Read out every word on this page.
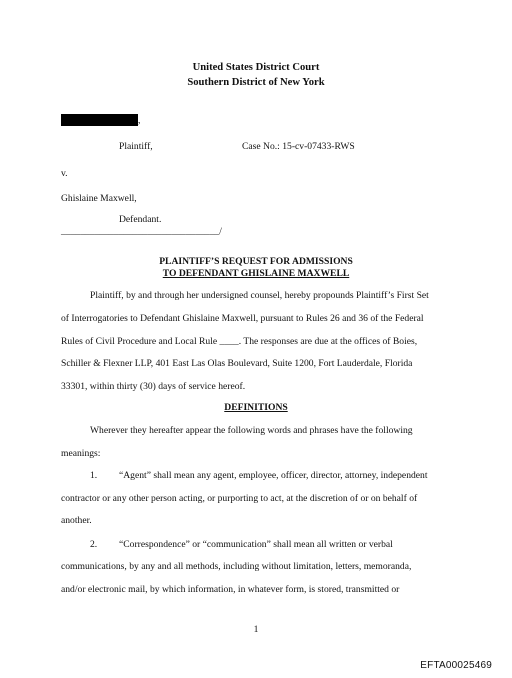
United States District Court
Southern District of New York
,
Plaintiff,	Case No.: 15-cv-07433-RWS
v.
Ghislaine Maxwell,
Defendant.
_________________________________/
PLAINTIFF’S REQUEST FOR ADMISSIONS
TO DEFENDANT GHISLAINE MAXWELL
Plaintiff, by and through her undersigned counsel, hereby propounds Plaintiff’s First Set
of Interrogatories to Defendant Ghislaine Maxwell, pursuant to Rules 26 and 36 of the Federal
Rules of Civil Procedure and Local Rule ____. The responses are due at the offices of Boies,
Schiller & Flexner LLP, 401 East Las Olas Boulevard, Suite 1200, Fort Lauderdale, Florida
33301, within thirty (30) days of service hereof.
DEFINITIONS
Wherever they hereafter appear the following words and phrases have the following
meanings:
1. “Agent” shall mean any agent, employee, officer, director, attorney, independent
contractor or any other person acting, or purporting to act, at the discretion of or on behalf of
another.
2. “Correspondence” or “communication” shall mean all written or verbal
communications, by any and all methods, including without limitation, letters, memoranda,
and/or electronic mail, by which information, in whatever form, is stored, transmitted or
1
EFTA00025469
